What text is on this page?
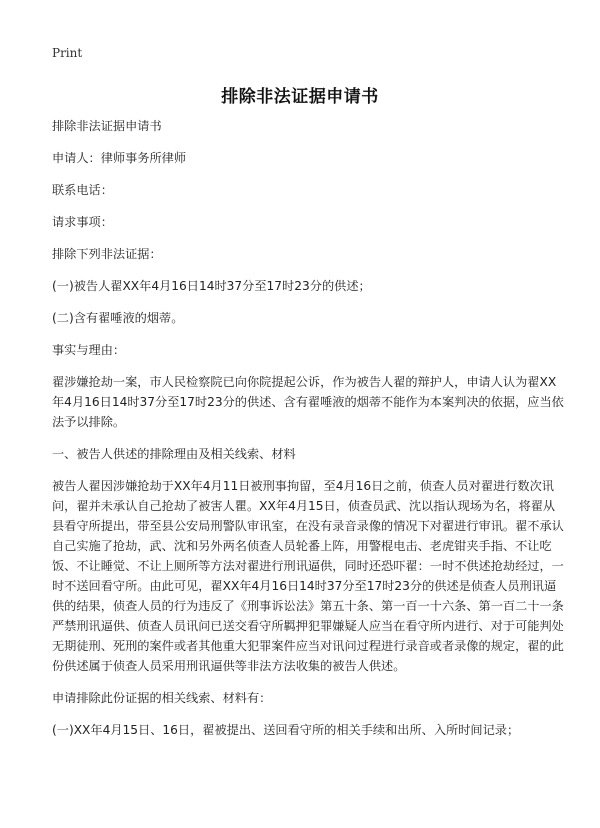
Print
排除非法证据申请书

排除非法证据申请书

申请人：律师事务所律师

联系电话：

请求事项：

排除下列非法证据：

(一)被告人翟XX年4月16日14时37分至17时23分的供述；

(二)含有翟唾液的烟蒂。

事实与理由：

翟涉嫌抢劫一案，市人民检察院已向你院提起公诉，作为被告人翟的辩护人，申请人认为翟XX年4月16日14时37分至17时23分的供述、含有翟唾液的烟蒂不能作为本案判决的依据，应当依法予以排除。

一、被告人供述的排除理由及相关线索、材料

被告人翟因涉嫌抢劫于XX年4月11日被刑事拘留，至4月16日之前，侦查人员对翟进行数次讯问，翟并未承认自己抢劫了被害人瞿。XX年4月15日，侦查员武、沈以指认现场为名，将翟从县看守所提出，带至县公安局刑警队审讯室，在没有录音录像的情况下对翟进行审讯。翟不承认自己实施了抢劫，武、沈和另外两名侦查人员轮番上阵，用警棍电击、老虎钳夹手指、不让吃饭、不让睡觉、不让上厕所等方法对翟进行刑讯逼供，同时还恐吓翟：一时不供述抢劫经过，一时不送回看守所。由此可见，翟XX年4月16日14时37分至17时23分的供述是侦查人员刑讯逼供的结果，侦查人员的行为违反了《刑事诉讼法》第五十条、第一百一十六条、第一百二十一条严禁刑讯逼供、侦查人员讯问已送交看守所羁押犯罪嫌疑人应当在看守所内进行、对于可能判处无期徒刑、死刑的案件或者其他重大犯罪案件应当对讯问过程进行录音或者录像的规定，翟的此份供述属于侦查人员采用刑讯逼供等非法方法收集的被告人供述。

申请排除此份证据的相关线索、材料有：

(一)XX年4月15日、16日，翟被提出、送回看守所的相关手续和出所、入所时间记录；
